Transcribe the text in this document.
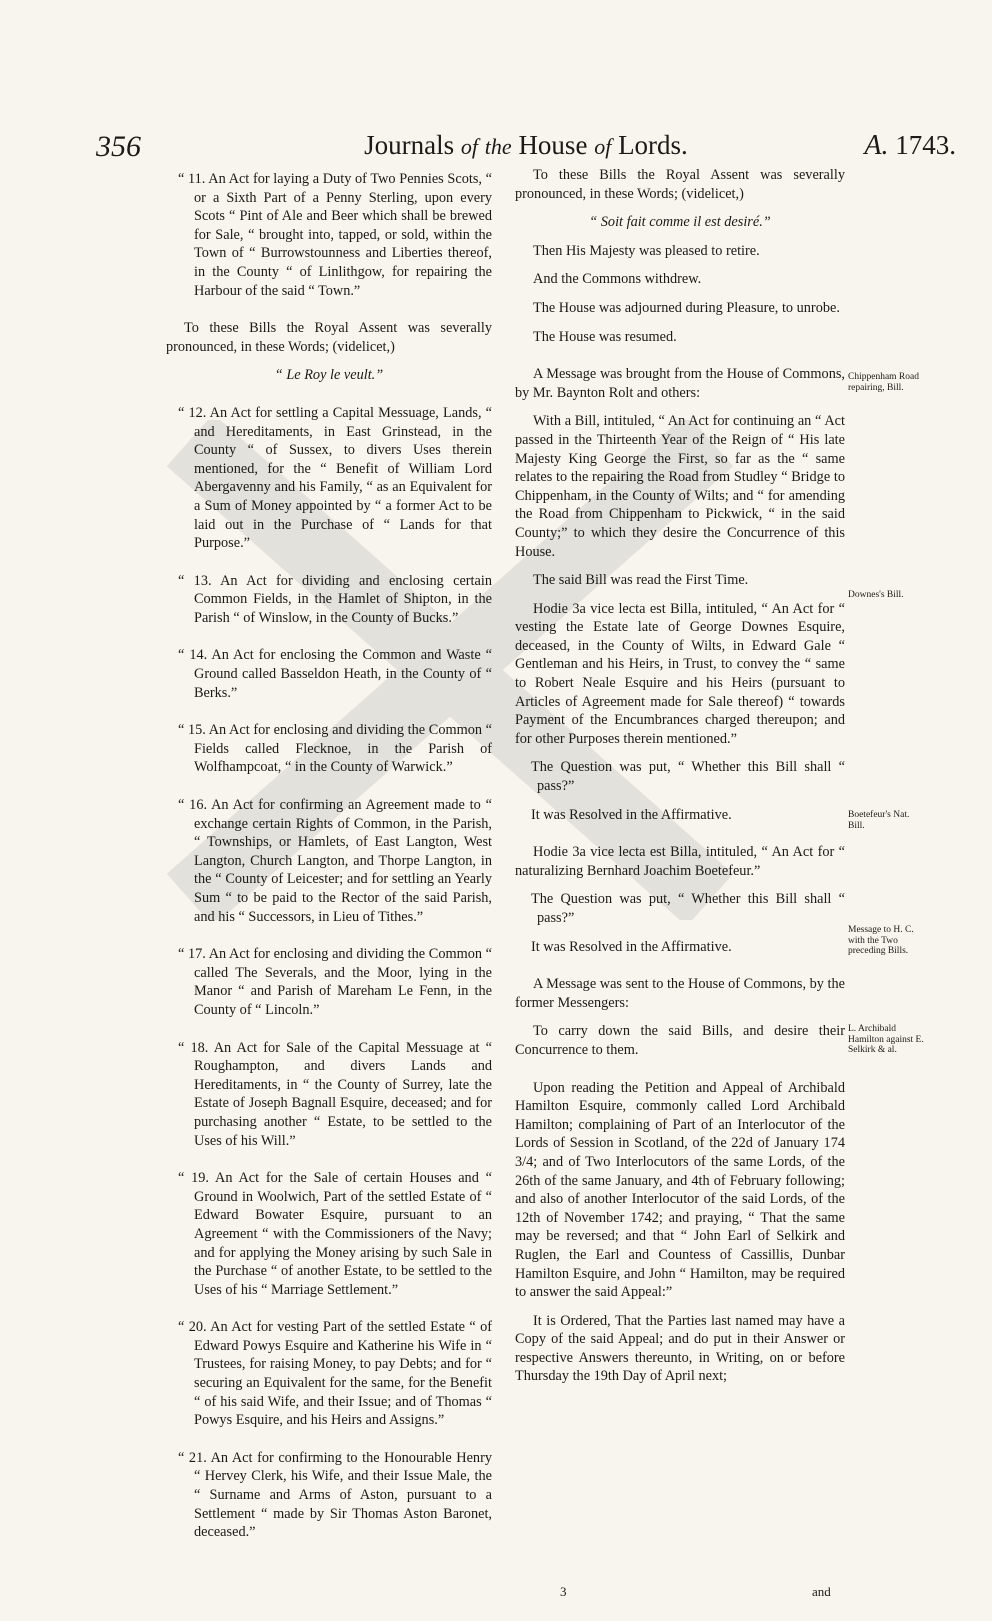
356	Journals of the House of Lords.	A. 1743.

“ 11. An Act for laying a Duty of Two Pennies Scots, “ or a Sixth Part of a Penny Sterling, upon every Scots “ Pint of Ale and Beer which shall be brewed for Sale, “ brought into, tapped, or sold, within the Town of “ Burrowstounness and Liberties thereof, in the County “ of Linlithgow, for repairing the Harbour of the said “ Town.”

To these Bills the Royal Assent was severally pronounced, in these Words; (videlicet,)

“ Le Roy le veult.”

“ 12. An Act for settling a Capital Messuage, Lands, “ and Hereditaments, in East Grinstead, in the County “ of Sussex, to divers Uses therein mentioned, for the “ Benefit of William Lord Abergavenny and his Family, “ as an Equivalent for a Sum of Money appointed by “ a former Act to be laid out in the Purchase of “ Lands for that Purpose.”

“ 13. An Act for dividing and enclosing certain Common Fields, in the Hamlet of Shipton, in the Parish “ of Winslow, in the County of Bucks.”

“ 14. An Act for enclosing the Common and Waste “ Ground called Basseldon Heath, in the County of “ Berks.”

“ 15. An Act for enclosing and dividing the Common “ Fields called Flecknoe, in the Parish of Wolfhampcoat, “ in the County of Warwick.”

“ 16. An Act for confirming an Agreement made to “ exchange certain Rights of Common, in the Parish, “ Townships, or Hamlets, of East Langton, West Langton, Church Langton, and Thorpe Langton, in the “ County of Leicester; and for settling an Yearly Sum “ to be paid to the Rector of the said Parish, and his “ Successors, in Lieu of Tithes.”

“ 17. An Act for enclosing and dividing the Common “ called The Severals, and the Moor, lying in the Manor “ and Parish of Mareham Le Fenn, in the County of “ Lincoln.”

“ 18. An Act for Sale of the Capital Messuage at “ Roughampton, and divers Lands and Hereditaments, in “ the County of Surrey, late the Estate of Joseph Bagnall Esquire, deceased; and for purchasing another “ Estate, to be settled to the Uses of his Will.”

“ 19. An Act for the Sale of certain Houses and “ Ground in Woolwich, Part of the settled Estate of “ Edward Bowater Esquire, pursuant to an Agreement “ with the Commissioners of the Navy; and for applying the Money arising by such Sale in the Purchase “ of another Estate, to be settled to the Uses of his “ Marriage Settlement.”

“ 20. An Act for vesting Part of the settled Estate “ of Edward Powys Esquire and Katherine his Wife in “ Trustees, for raising Money, to pay Debts; and for “ securing an Equivalent for the same, for the Benefit “ of his said Wife, and their Issue; and of Thomas “ Powys Esquire, and his Heirs and Assigns.”

“ 21. An Act for confirming to the Honourable Henry “ Hervey Clerk, his Wife, and their Issue Male, the “ Surname and Arms of Aston, pursuant to a Settlement “ made by Sir Thomas Aston Baronet, deceased.”

To these Bills the Royal Assent was severally pronounced, in these Words; (videlicet,)

“ Soit fait comme il est desiré.”

Then His Majesty was pleased to retire.

And the Commons withdrew.

The House was adjourned during Pleasure, to unrobe.

The House was resumed.

A Message was brought from the House of Commons, by Mr. Baynton Rolt and others:

With a Bill, intituled, “ An Act for continuing an “ Act passed in the Thirteenth Year of the Reign of “ His late Majesty King George the First, so far as the “ same relates to the repairing the Road from Studley “ Bridge to Chippenham, in the County of Wilts; and “ for amending the Road from Chippenham to Pickwick, “ in the said County;” to which they desire the Concurrence of this House.

The said Bill was read the First Time.

Hodie 3a vice lecta est Billa, intituled, “ An Act for “ vesting the Estate late of George Downes Esquire, deceased, in the County of Wilts, in Edward Gale “ Gentleman and his Heirs, in Trust, to convey the “ same to Robert Neale Esquire and his Heirs (pursuant to Articles of Agreement made for Sale thereof) “ towards Payment of the Encumbrances charged thereupon; and for other Purposes therein mentioned.”

The Question was put, “ Whether this Bill shall “ pass?”

It was Resolved in the Affirmative.

Hodie 3a vice lecta est Billa, intituled, “ An Act for “ naturalizing Bernhard Joachim Boetefeur.”

The Question was put, “ Whether this Bill shall “ pass?”

It was Resolved in the Affirmative.

A Message was sent to the House of Commons, by the former Messengers:

To carry down the said Bills, and desire their Concurrence to them.

Upon reading the Petition and Appeal of Archibald Hamilton Esquire, commonly called Lord Archibald Hamilton; complaining of Part of an Interlocutor of the Lords of Session in Scotland, of the 22d of January 174 3/4; and of Two Interlocutors of the same Lords, of the 26th of the same January, and 4th of February following; and also of another Interlocutor of the said Lords, of the 12th of November 1742; and praying, “ That the same may be reversed; and that “ John Earl of Selkirk and Ruglen, the Earl and Countess of Cassillis, Dunbar Hamilton Esquire, and John “ Hamilton, may be required to answer the said Appeal:”

It is Ordered, That the Parties last named may have a Copy of the said Appeal; and do put in their Answer or respective Answers thereunto, in Writing, on or before Thursday the 19th Day of April next;

Chippenham Road repairing, Bill.
Downes's Bill.
Boetefeur's Nat. Bill.
Message to H. C. with the Two preceding Bills.
L. Archibald Hamilton against E. Selkirk & al.
3	and
